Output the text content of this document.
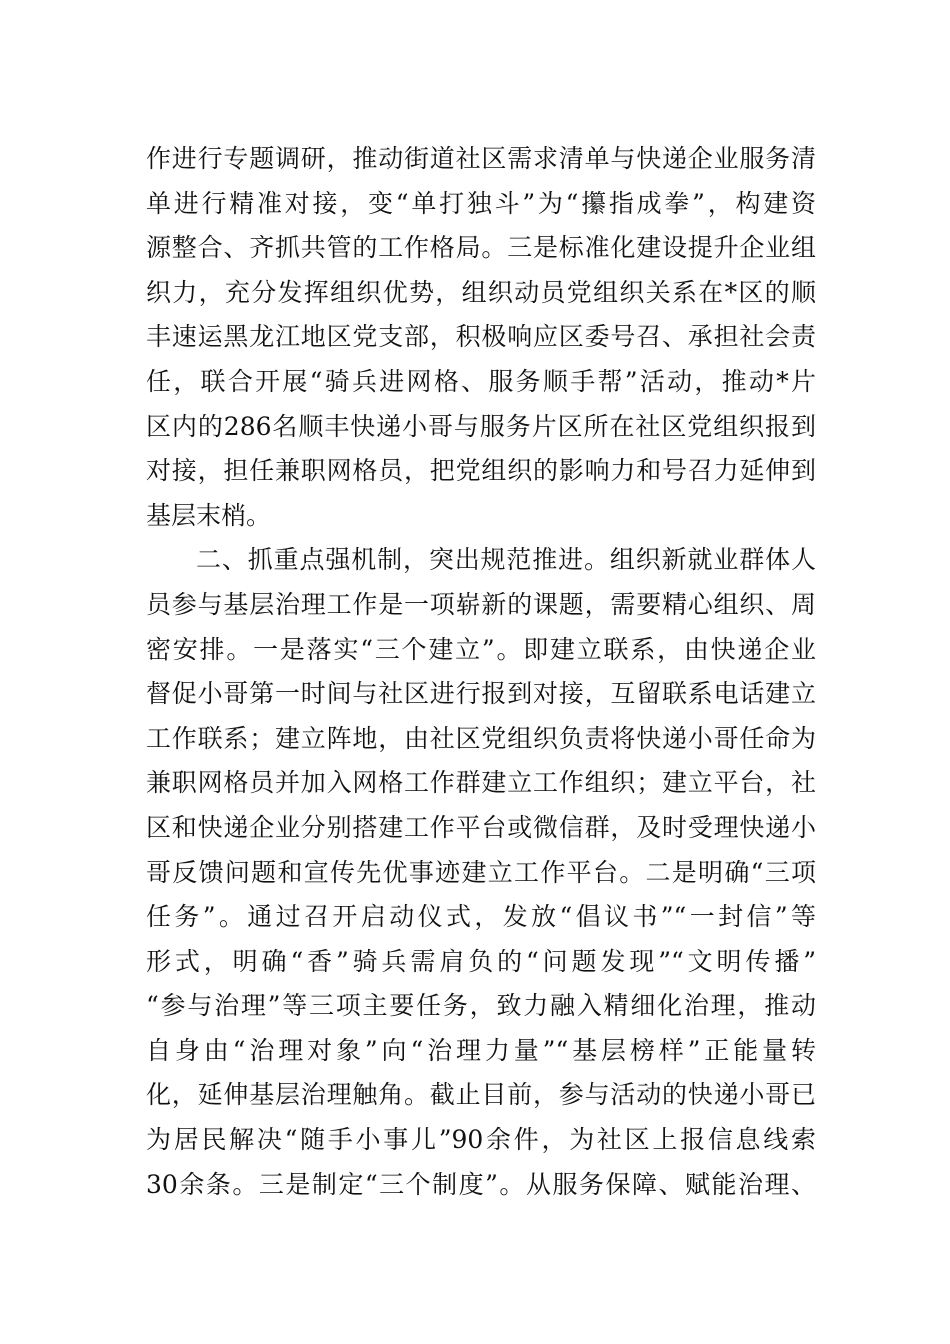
作进行专题调研，推动街道社区需求清单与快递企业服务清
单进行精准对接，变“单打独斗”为“攥指成拳”，构建资
源整合、齐抓共管的工作格局。三是标准化建设提升企业组
织力，充分发挥组织优势，组织动员党组织关系在*区的顺
丰速运黑龙江地区党支部，积极响应区委号召、承担社会责
任，联合开展“骑兵进网格、服务顺手帮”活动，推动*片
区内的286名顺丰快递小哥与服务片区所在社区党组织报到
对接，担任兼职网格员，把党组织的影响力和号召力延伸到
基层末梢。
二、抓重点强机制，突出规范推进。组织新就业群体人
员参与基层治理工作是一项崭新的课题，需要精心组织、周
密安排。一是落实“三个建立”。即建立联系，由快递企业
督促小哥第一时间与社区进行报到对接，互留联系电话建立
工作联系；建立阵地，由社区党组织负责将快递小哥任命为
兼职网格员并加入网格工作群建立工作组织；建立平台，社
区和快递企业分别搭建工作平台或微信群，及时受理快递小
哥反馈问题和宣传先优事迹建立工作平台。二是明确“三项
任务”。通过召开启动仪式，发放“倡议书”“一封信”等
形式，明确“香”骑兵需肩负的“问题发现”“文明传播”
“参与治理”等三项主要任务，致力融入精细化治理，推动
自身由“治理对象”向“治理力量”“基层榜样”正能量转
化，延伸基层治理触角。截止目前，参与活动的快递小哥已
为居民解决“随手小事儿”90余件，为社区上报信息线索
30余条。三是制定“三个制度”。从服务保障、赋能治理、
